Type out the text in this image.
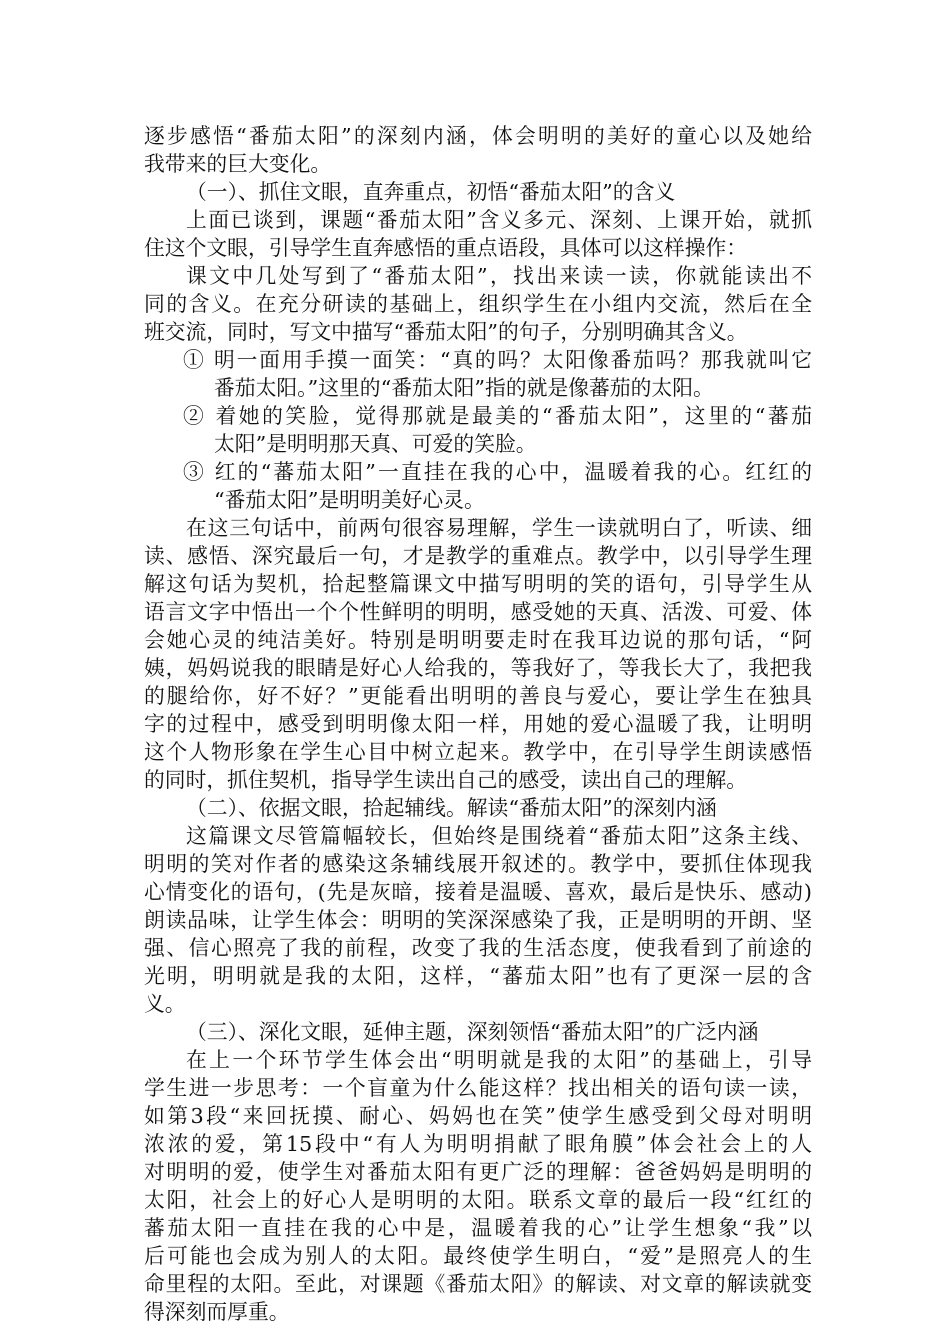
逐步感悟“番茄太阳”的深刻内涵，体会明明的美好的童心以及她给
我带来的巨大变化。
（一）、抓住文眼，直奔重点，初悟“番茄太阳”的含义
上面已谈到，课题“番茄太阳”含义多元、深刻、上课开始，就抓
住这个文眼，引导学生直奔感悟的重点语段，具体可以这样操作：
课文中几处写到了“番茄太阳”，找出来读一读，你就能读出不
同的含义。在充分研读的基础上，组织学生在小组内交流，然后在全
班交流，同时，写文中描写“番茄太阳”的句子，分别明确其含义。
① 明一面用手摸一面笑：“真的吗？太阳像番茄吗？那我就叫它
番茄太阳。”这里的“番茄太阳”指的就是像蕃茄的太阳。
② 着她的笑脸，觉得那就是最美的“番茄太阳”，这里的“蕃茄
太阳”是明明那天真、可爱的笑脸。
③ 红的“蕃茄太阳”一直挂在我的心中，温暖着我的心。红红的
“番茄太阳”是明明美好心灵。
在这三句话中，前两句很容易理解，学生一读就明白了，听读、细
读、感悟、深究最后一句，才是教学的重难点。教学中，以引导学生理
解这句话为契机，拾起整篇课文中描写明明的笑的语句，引导学生从
语言文字中悟出一个个性鲜明的明明，感受她的天真、活泼、可爱、体
会她心灵的纯洁美好。特别是明明要走时在我耳边说的那句话，“阿
姨，妈妈说我的眼睛是好心人给我的，等我好了，等我长大了，我把我
的腿给你，好不好？”更能看出明明的善良与爱心，要让学生在独具
字的过程中，感受到明明像太阳一样，用她的爱心温暖了我，让明明
这个人物形象在学生心目中树立起来。教学中，在引导学生朗读感悟
的同时，抓住契机，指导学生读出自己的感受，读出自己的理解。
（二）、依据文眼，拾起辅线。解读“番茄太阳”的深刻内涵
这篇课文尽管篇幅较长，但始终是围绕着“番茄太阳”这条主线、
明明的笑对作者的感染这条辅线展开叙述的。教学中，要抓住体现我
心情变化的语句，(先是灰暗，接着是温暖、喜欢，最后是快乐、感动)
朗读品味，让学生体会：明明的笑深深感染了我，正是明明的开朗、坚
强、信心照亮了我的前程，改变了我的生活态度，使我看到了前途的
光明，明明就是我的太阳，这样，“蕃茄太阳”也有了更深一层的含
义。
（三）、深化文眼，延伸主题，深刻领悟“番茄太阳”的广泛内涵
在上一个环节学生体会出“明明就是我的太阳”的基础上，引导
学生进一步思考：一个盲童为什么能这样？找出相关的语句读一读，
如第3段“来回抚摸、耐心、妈妈也在笑”使学生感受到父母对明明
浓浓的爱，第15段中“有人为明明捐献了眼角膜”体会社会上的人
对明明的爱，使学生对番茄太阳有更广泛的理解：爸爸妈妈是明明的
太阳，社会上的好心人是明明的太阳。联系文章的最后一段“红红的
蕃茄太阳一直挂在我的心中是，温暖着我的心”让学生想象“我”以
后可能也会成为别人的太阳。最终使学生明白，“爱”是照亮人的生
命里程的太阳。至此，对课题《番茄太阳》的解读、对文章的解读就变
得深刻而厚重。
